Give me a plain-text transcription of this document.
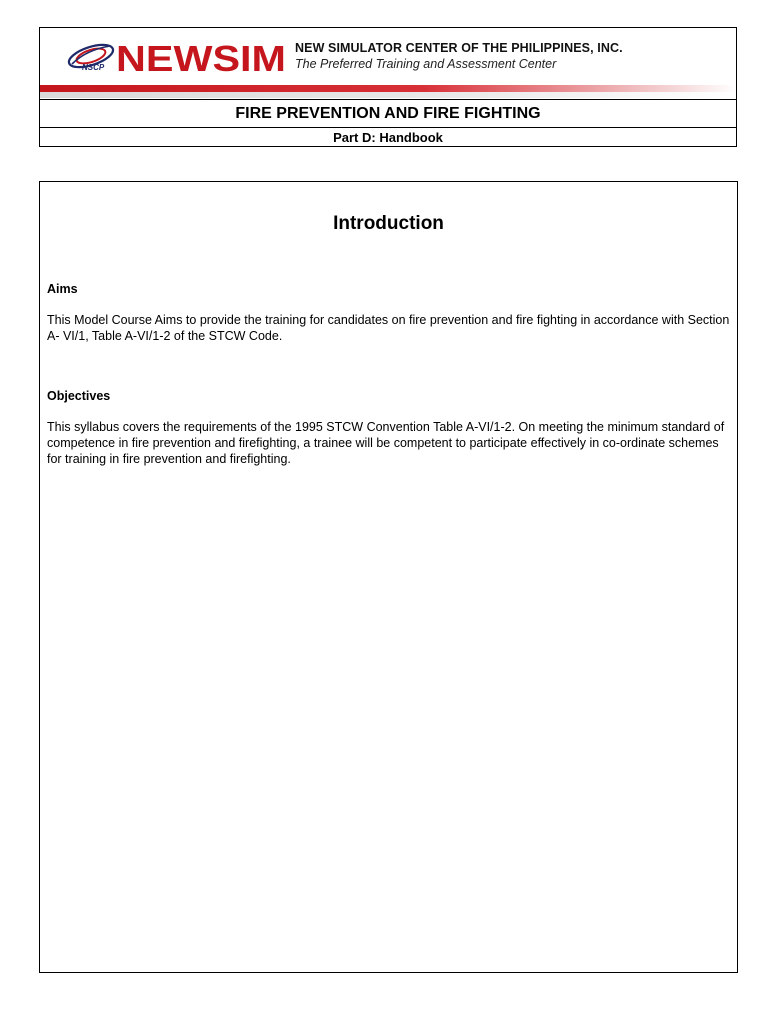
NSCP NEWSIM NEW SIMULATOR CENTER OF THE PHILIPPINES, INC.
The Preferred Training and Assessment Center
FIRE PREVENTION AND FIRE FIGHTING
Part D: Handbook
Introduction
Aims
This Model Course Aims to provide the training for candidates on fire prevention and fire fighting in accordance with Section A- VI/1, Table A-VI/1-2 of the STCW Code.
Objectives
This syllabus covers the requirements of the 1995 STCW Convention Table A-VI/1-2. On meeting the minimum standard of competence in fire prevention and firefighting, a trainee will be competent to participate effectively in co-ordinate schemes for training in fire prevention and firefighting.
